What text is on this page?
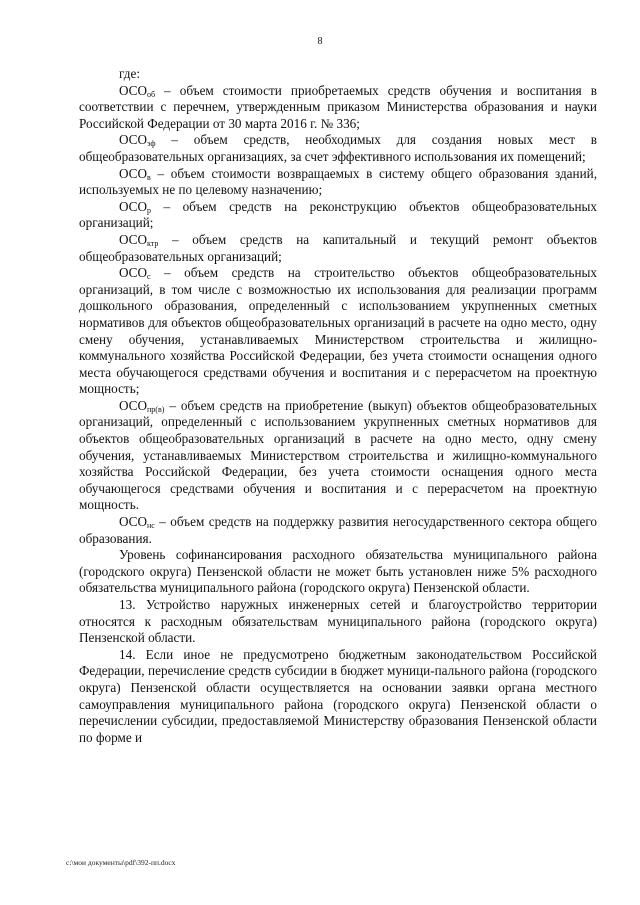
8

где:

$ОСО_{об}$ – объем стоимости приобретаемых средств обучения и воспитания в соответствии с перечнем, утвержденным приказом Министерства образования и науки Российской Федерации от 30 марта 2016 г. № 336;

$ОСО_{эф}$ – объем средств, необходимых для создания новых мест в общеобразовательных организациях, за счет эффективного использования их помещений;

$ОСО_в$ – объем стоимости возвращаемых в систему общего образования зданий, используемых не по целевому назначению;

$ОСО_р$ – объем средств на реконструкцию объектов общеобразовательных организаций;

$ОСО_{ктр}$ – объем средств на капитальный и текущий ремонт объектов общеобразовательных организаций;

$ОСО_с$ – объем средств на строительство объектов общеобразовательных организаций, в том числе с возможностью их использования для реализации программ дошкольного образования, определенный с использованием укрупненных сметных нормативов для объектов общеобразовательных организаций в расчете на одно место, одну смену обучения, устанавливаемых Министерством строительства и жилищно-коммунального хозяйства Российской Федерации, без учета стоимости оснащения одного места обучающегося средствами обучения и воспитания и с перерасчетом на проектную мощность;

$ОСО_{пр(в)}$ – объем средств на приобретение (выкуп) объектов общеобразовательных организаций, определенный с использованием укрупненных сметных нормативов для объектов общеобразовательных организаций в расчете на одно место, одну смену обучения, устанавливаемых Министерством строительства и жилищно-коммунального хозяйства Российской Федерации, без учета стоимости оснащения одного места обучающегося средствами обучения и воспитания и с перерасчетом на проектную мощность.

$ОСО_{нс}$ – объем средств на поддержку развития негосударственного сектора общего образования.

Уровень софинансирования расходного обязательства муниципального района (городского округа) Пензенской области не может быть установлен ниже 5% расходного обязательства муниципального района (городского округа) Пензенской области.

13. Устройство наружных инженерных сетей и благоустройство территории относятся к расходным обязательствам муниципального района (городского округа) Пензенской области.

14. Если иное не предусмотрено бюджетным законодательством Российской Федерации, перечисление средств субсидии в бюджет муници-пального района (городского округа) Пензенской области осуществляется на основании заявки органа местного самоуправления муниципального района (городского округа) Пензенской области о перечислении субсидии, предоставляемой Министерству образования Пензенской области по форме и

c:\мои документы\pdf\392-пп.docx
